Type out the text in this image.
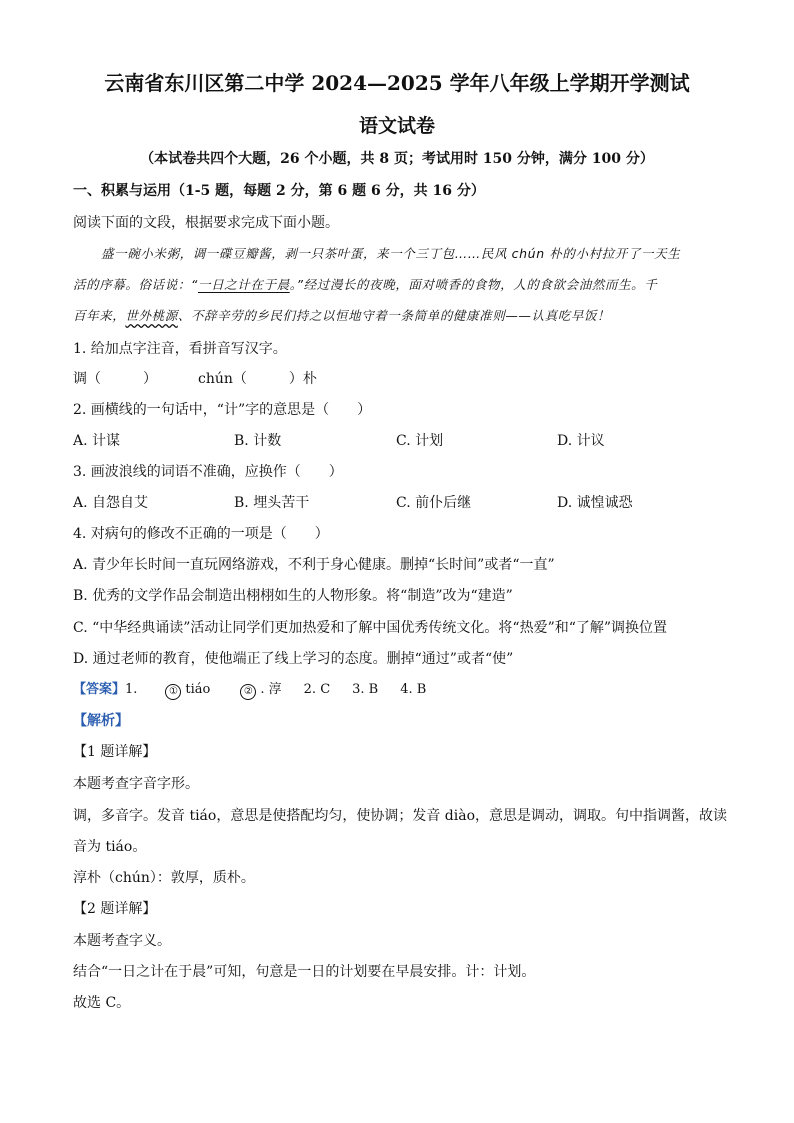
云南省东川区第二中学 2024—2025 学年八年级上学期开学测试
语文试卷
（本试卷共四个大题，26 个小题，共 8 页；考试用时 150 分钟，满分 100 分）
一、积累与运用（1-5 题，每题 2 分，第 6 题 6 分，共 16 分）
阅读下面的文段，根据要求完成下面小题。
盛一碗小米粥，调一碟豆瓣酱，剥一只茶叶蛋，来一个三丁包……民风 chún 朴的小村拉开了一天生
活的序幕。俗话说：“一日之计在于晨。”经过漫长的夜晚，面对喷香的食物，人的食欲会油然而生。千
百年来，世外桃源、不辞辛劳的乡民们持之以恒地守着一条简单的健康准则——认真吃早饭！
1. 给加点字注音，看拼音写汉字。
调（　　　）	chún（　　　）朴
2. 画横线的一句话中，“计”字的意思是（　　）
A. 计谋	B. 计数	C. 计划	D. 计议
3. 画波浪线的词语不准确，应换作（　　）
A. 自怨自艾	B. 埋头苦干	C. 前仆后继	D. 诚惶诚恐
4. 对病句的修改不正确的一项是（　　）
A. 青少年长时间一直玩网络游戏，不利于身心健康。删掉“长时间”或者“一直”
B. 优秀的文学作品会制造出栩栩如生的人物形象。将“制造”改为“建造”
C. “中华经典诵读”活动让同学们更加热爱和了解中国优秀传统文化。将“热爱”和“了解”调换位置
D. 通过老师的教育，使他端正了线上学习的态度。删掉“通过”或者“使”
【答案】1.	① tiáo	② . 淳 2. C 3. B 4. B
【解析】
【1 题详解】
本题考查字音字形。
调，多音字。发音 tiáo，意思是使搭配均匀，使协调；发音 diào，意思是调动，调取。句中指调酱，故读
音为 tiáo。
淳朴（chún）：敦厚，质朴。
【2 题详解】
本题考查字义。
结合“一日之计在于晨”可知，句意是一日的计划要在早晨安排。计：计划。
故选 C。
